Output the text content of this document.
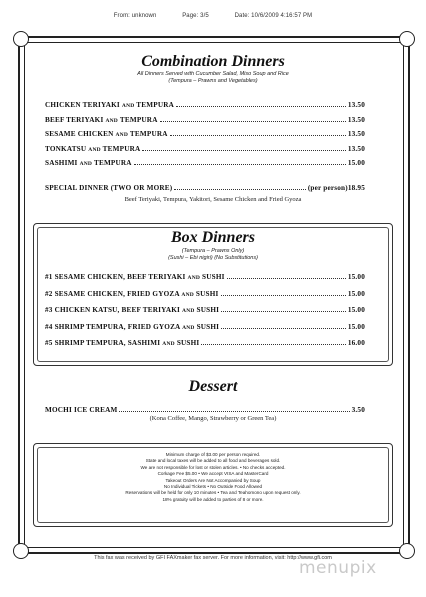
From: unknown	Page: 3/5	Date: 10/6/2009 4:16:57 PM
Combination Dinners
All Dinners Served with Cucumber Salad, Miso Soup and Rice
(Tempura – Prawns and Vegetables)
CHICKEN TERIYAKI AND TEMPURA	13.50
BEEF TERIYAKI AND TEMPURA	13.50
SESAME CHICKEN AND TEMPURA	13.50
TONKATSU AND TEMPURA	13.50
SASHIMI AND TEMPURA	15.00
SPECIAL DINNER (TWO OR MORE)	(per person)18.95
Beef Teriyaki, Tempura, Yakitori, Sesame Chicken and Fried Gyoza
Box Dinners
(Tempura – Prawns Only)
(Sushi – Ebi nigiri) (No Substitutions)
#1 SESAME CHICKEN, BEEF TERIYAKI AND SUSHI	15.00
#2 SESAME CHICKEN, FRIED GYOZA AND SUSHI	15.00
#3 CHICKEN KATSU, BEEF TERIYAKI AND SUSHI	15.00
#4 SHRIMP TEMPURA, FRIED GYOZA AND SUSHI	15.00
#5 SHRIMP TEMPURA, SASHIMI AND SUSHI	16.00
Dessert
MOCHI ICE CREAM	3.50
(Kona Coffee, Mango, Strawberry or Green Tea)
Minimum charge of $3.00 per person required.
State and local taxes will be added to all food and beverages sold.
We are not responsible for lost or stolen articles. • No checks accepted.
Corkage Fee $5.00 • We accept VISA and MasterCard
Takeout Orders Are Not Accompanied by Soup
No Individual Tickets • No Outside Food Allowed
Reservations will be held for only 10 minutes • Tea and Teahomono upon request only.
18% gratuity will be added to parties of 8 or more.
This fax was received by GFI FAXmaker fax server. For more information, visit: http://www.gfi.com
menupix
